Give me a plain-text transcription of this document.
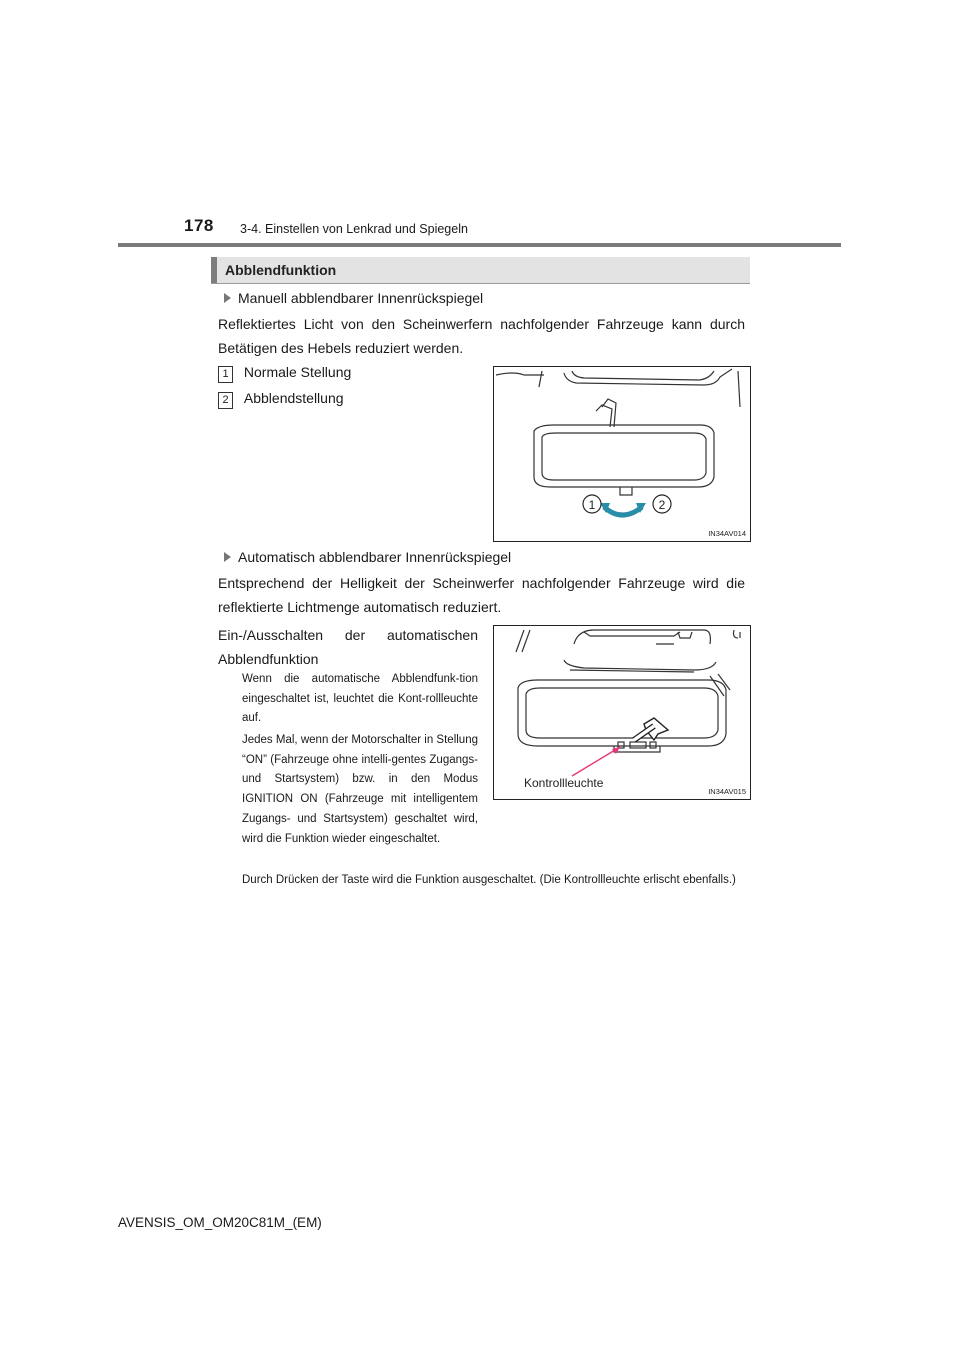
178 3-4. Einstellen von Lenkrad und Spiegeln
Abblendfunktion
Manuell abblendbarer Innenrückspiegel
Reflektiertes Licht von den Scheinwerfern nachfolgender Fahrzeuge kann durch Betätigen des Hebels reduziert werden.
1 Normale Stellung
2 Abblendstellung
1	2
IN34AV014
Automatisch abblendbarer Innenrückspiegel
Entsprechend der Helligkeit der Scheinwerfer nachfolgender Fahrzeuge wird die reflektierte Lichtmenge automatisch reduziert.
Ein-/Ausschalten der automatischen Abblendfunktion
Wenn die automatische Abblendfunk-tion eingeschaltet ist, leuchtet die Kont-rollleuchte auf.
Jedes Mal, wenn der Motorschalter in Stellung “ON” (Fahrzeuge ohne intelli-gentes Zugangs- und Startsystem) bzw. in den Modus IGNITION ON (Fahrzeuge mit intelligentem Zugangs- und Startsystem) geschaltet wird, wird die Funktion wieder eingeschaltet.
Durch Drücken der Taste wird die Funktion ausgeschaltet. (Die Kontrollleuchte erlischt ebenfalls.)
Kontrollleuchte
IN34AV015
AVENSIS_OM_OM20C81M_(EM)
